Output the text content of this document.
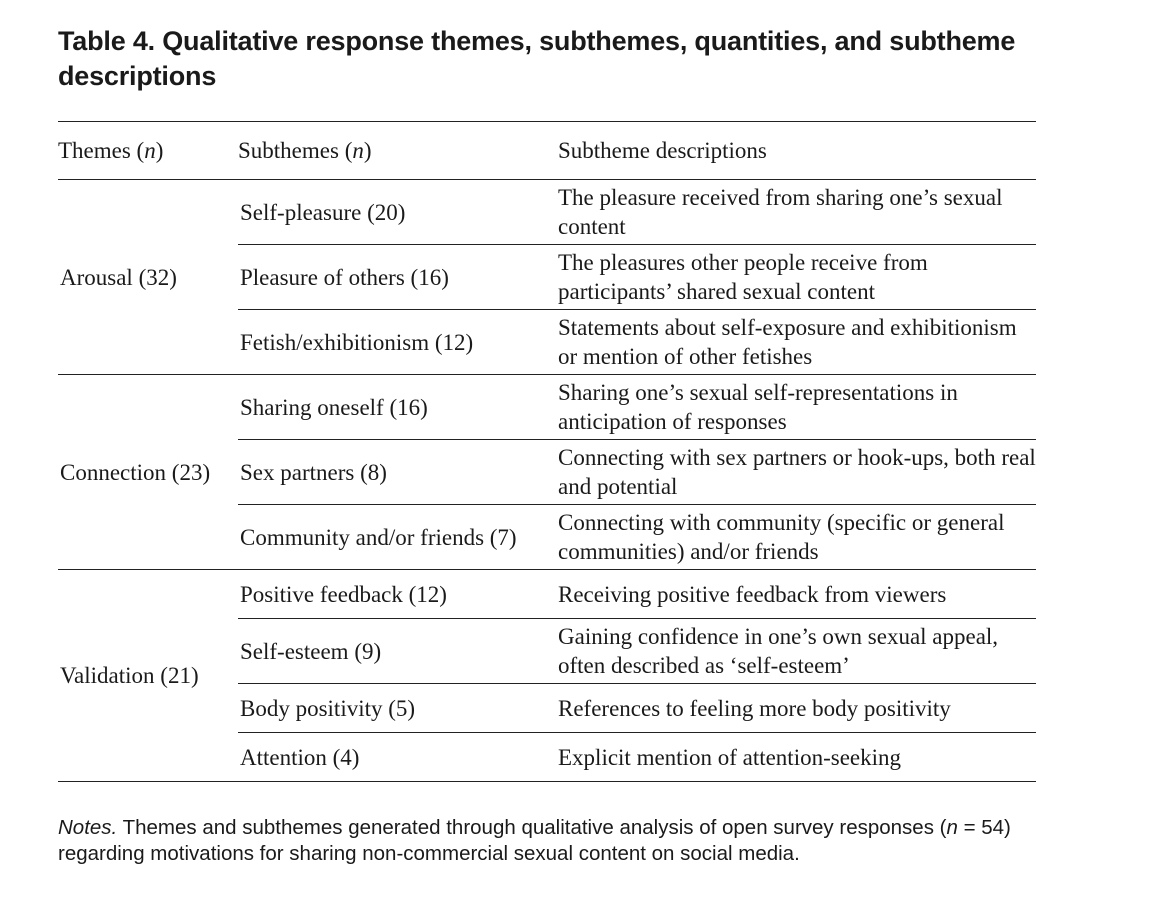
Table 4. Qualitative response themes, subthemes, quantities, and subtheme descriptions
Themes (n)	Subthemes (n)	Subtheme descriptions
Arousal (32)	Self-pleasure (20)	The pleasure received from sharing one’s sexual content
	Pleasure of others (16)	The pleasures other people receive from participants’ shared sexual content
	Fetish/exhibitionism (12)	Statements about self-exposure and exhibitionism or mention of other fetishes
Connection (23)	Sharing oneself (16)	Sharing one’s sexual self-representations in anticipation of responses
	Sex partners (8)	Connecting with sex partners or hook-ups, both real and potential
	Community and/or friends (7)	Connecting with community (specific or general communities) and/or friends
Validation (21)	Positive feedback (12)	Receiving positive feedback from viewers
	Self-esteem (9)	Gaining confidence in one’s own sexual appeal, often described as ‘self-esteem’
	Body positivity (5)	References to feeling more body positivity
	Attention (4)	Explicit mention of attention-seeking
Notes. Themes and subthemes generated through qualitative analysis of open survey responses (n = 54) regarding motivations for sharing non-commercial sexual content on social media.
